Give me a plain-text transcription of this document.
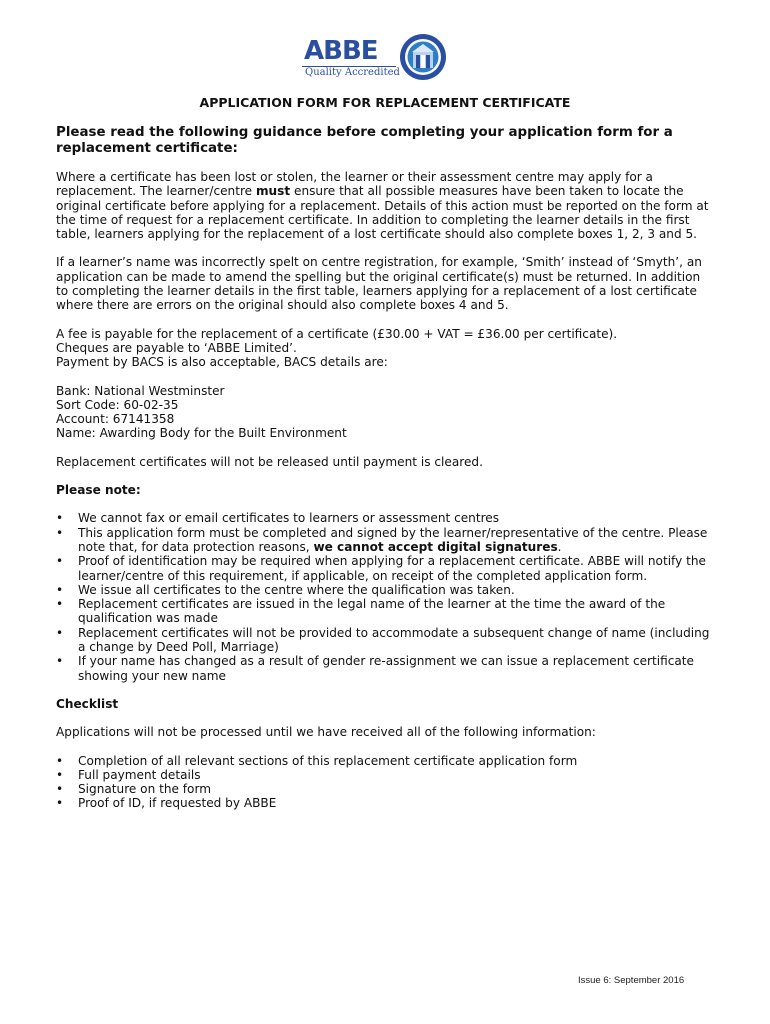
ABBE
Quality Accredited
APPLICATION FORM FOR REPLACEMENT CERTIFICATE

Please read the following guidance before completing your application form for a replacement certificate:

Where a certificate has been lost or stolen, the learner or their assessment centre may apply for a replacement. The learner/centre must ensure that all possible measures have been taken to locate the original certificate before applying for a replacement. Details of this action must be reported on the form at the time of request for a replacement certificate. In addition to completing the learner details in the first table, learners applying for the replacement of a lost certificate should also complete boxes 1, 2, 3 and 5.

If a learner’s name was incorrectly spelt on centre registration, for example, ‘Smith’ instead of ‘Smyth’, an application can be made to amend the spelling but the original certificate(s) must be returned. In addition to completing the learner details in the first table, learners applying for a replacement of a lost certificate where there are errors on the original should also complete boxes 4 and 5.

A fee is payable for the replacement of a certificate (£30.00 + VAT = £36.00 per certificate).

Cheques are payable to ‘ABBE Limited’.

Payment by BACS is also acceptable, BACS details are:

Bank: National Westminster

Sort Code: 60-02-35

Account: 67141358

Name: Awarding Body for the Built Environment

Replacement certificates will not be released until payment is cleared.

Please note:

• We cannot fax or email certificates to learners or assessment centres
• This application form must be completed and signed by the learner/representative of the centre. Please note that, for data protection reasons, we cannot accept digital signatures.
• Proof of identification may be required when applying for a replacement certificate. ABBE will notify the learner/centre of this requirement, if applicable, on receipt of the completed application form.
• We issue all certificates to the centre where the qualification was taken.
• Replacement certificates are issued in the legal name of the learner at the time the award of the qualification was made
• Replacement certificates will not be provided to accommodate a subsequent change of name (including a change by Deed Poll, Marriage)
• If your name has changed as a result of gender re-assignment we can issue a replacement certificate showing your new name

Checklist

Applications will not be processed until we have received all of the following information:

• Completion of all relevant sections of this replacement certificate application form
• Full payment details
• Signature on the form
• Proof of ID, if requested by ABBE
Issue 6: September 2016
